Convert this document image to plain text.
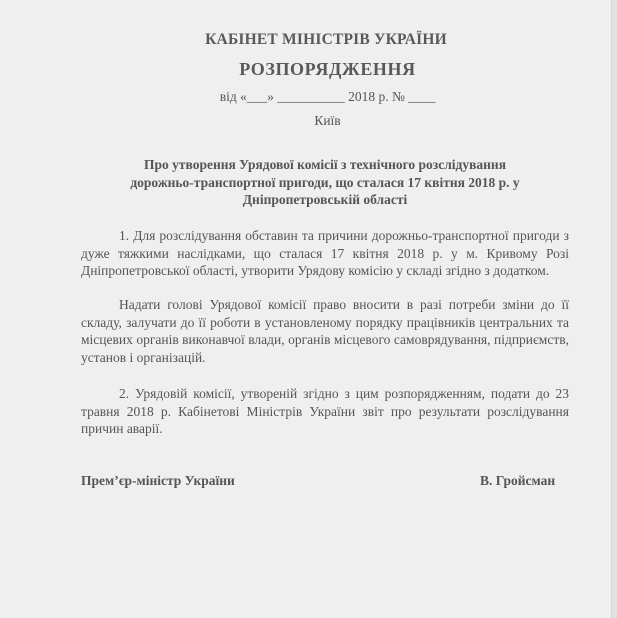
КАБІНЕТ МІНІСТРІВ УКРАЇНИ
РОЗПОРЯДЖЕННЯ
від «___» __________ 2018 р. № ____
Київ
Про утворення Урядової комісії з технічного розслідування
дорожньо-транспортної пригоди, що сталася 17 квітня 2018 р. у
Дніпропетровській області

1. Для розслідування обставин та причини дорожньо-транспортної пригоди з дуже тяжкими наслідками, що сталася 17 квітня 2018 р. у м. Кривому Розі Дніпропетровської області, утворити Урядову комісію у складі згідно з додатком.

Надати голові Урядової комісії право вносити в разі потреби зміни до її складу, залучати до її роботи в установленому порядку працівників центральних та місцевих органів виконавчої влади, органів місцевого самоврядування, підприємств, установ і організацій.

2. Урядовій комісії, утвореній згідно з цим розпорядженням, подати до 23 травня 2018 р. Кабінетові Міністрів України звіт про результати розслідування причин аварії.

Прем’єр-міністр України	В. Гройсман
